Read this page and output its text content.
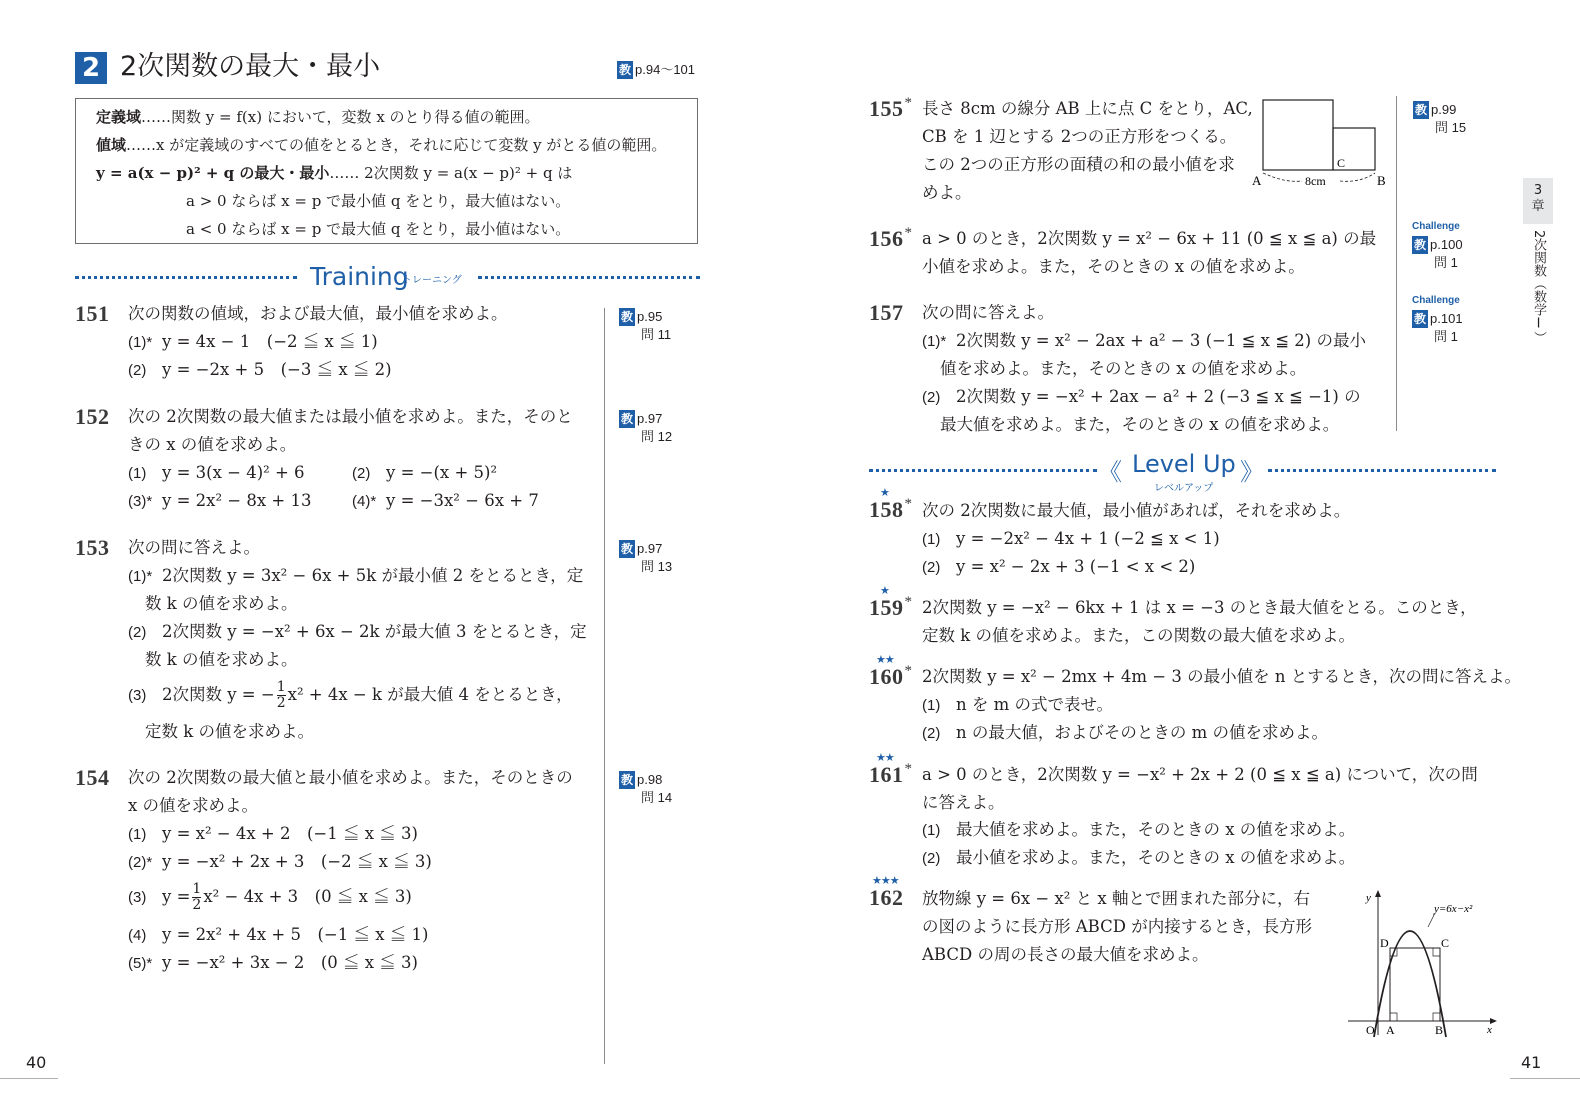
2 2次関数の最大・最小	教 p.94〜101
定義域……関数 y = f(x) において，変数 x のとり得る値の範囲。
値域……x が定義域のすべての値をとるとき，それに応じて変数 y がとる値の範囲。
y = a(x − p)² + q の最大・最小…… 2次関数 y = a(x − p)² + q は
a > 0 ならば x = p で最小値 q をとり，最大値はない。
a < 0 ならば x = p で最大値 q をとり，最小値はない。
Training
トレーニング
151 次の関数の値域，および最大値，最小値を求めよ。
(1)* y = 4x − 1　(−2 ≦ x ≦ 1)
(2) y = −2x + 5　(−3 ≦ x ≦ 2)
教 p.95
問 11
152 次の 2次関数の最大値または最小値を求めよ。また，そのと
きの x の値を求めよ。
(1) y = 3(x − 4)² + 6	(2) y = −(x + 5)²
(3)* y = 2x² − 8x + 13	(4)* y = −3x² − 6x + 7
教 p.97
問 12
153 次の問に答えよ。
(1)* 2次関数 y = 3x² − 6x + 5k が最小値 2 をとるとき，定
数 k の値を求めよ。
(2) 2次関数 y = −x² + 6x − 2k が最大値 3 をとるとき，定
数 k の値を求めよ。
(3) 2次関数 y = − $\frac{1}{2} x^2 + 4x - k$ が最大値 4 をとるとき，
定数 k の値を求めよ。
教 p.97
問 13
154 次の 2次関数の最大値と最小値を求めよ。また，そのときの
x の値を求めよ。
(1) y = x² − 4x + 2　(−1 ≦ x ≦ 3)
(2)* y = −x² + 2x + 3　(−2 ≦ x ≦ 3)
(3) $y = \frac{1}{2} x^2 - 4x + 3$　(0 ≦ x ≦ 3)
(4) y = 2x² + 4x + 5　(−1 ≦ x ≦ 1)
(5)* y = −x² + 3x − 2　(0 ≦ x ≦ 3)
教 p.98
問 14
40
155* 長さ 8cm の線分 AB 上に点 C をとり，AC,
CB を 1 辺とする 2つの正方形をつくる。
この 2つの正方形の面積の和の最小値を求
めよ。
A	B
C
8cm
教 p.99
問 15
156* a > 0 のとき，2次関数 y = x² − 6x + 11 (0 ≦ x ≦ a) の最
小値を求めよ。また，そのときの x の値を求めよ。
Challenge
教 p.100
問 1
157 次の問に答えよ。
(1)* 2次関数 y = x² − 2ax + a² − 3 (−1 ≦ x ≦ 2) の最小
値を求めよ。また，そのときの x の値を求めよ。
(2) 2次関数 y = −x² + 2ax − a² + 2 (−3 ≦ x ≦ −1) の
最大値を求めよ。また，そのときの x の値を求めよ。
Challenge
教 p.101
問 1
《 Level Up
レベルアップ
》
★
158* 次の 2次関数に最大値，最小値があれば，それを求めよ。
(1) y = −2x² − 4x + 1 (−2 ≦ x < 1)
(2) y = x² − 2x + 3 (−1 < x < 2)
★
159* 2次関数 y = −x² − 6kx + 1 は x = −3 のとき最大値をとる。このとき，
定数 k の値を求めよ。また，この関数の最大値を求めよ。
★★
160* 2次関数 y = x² − 2mx + 4m − 3 の最小値を n とするとき，次の問に答えよ。
(1) n を m の式で表せ。
(2) n の最大値，およびそのときの m の値を求めよ。
★★
161* a > 0 のとき，2次関数 y = −x² + 2x + 2 (0 ≦ x ≦ a) について，次の問
に答えよ。
(1) 最大値を求めよ。また，そのときの x の値を求めよ。
(2) 最小値を求めよ。また，そのときの x の値を求めよ。
★★★
162 放物線 y = 6x − x² と x 軸とで囲まれた部分に，右
の図のように長方形 ABCD が内接するとき，長方形
ABCD の周の長さの最大値を求めよ。
y=6x−x²
y
x
O A	B
C
D
3章
2次関数（数学Ⅰ）
41
